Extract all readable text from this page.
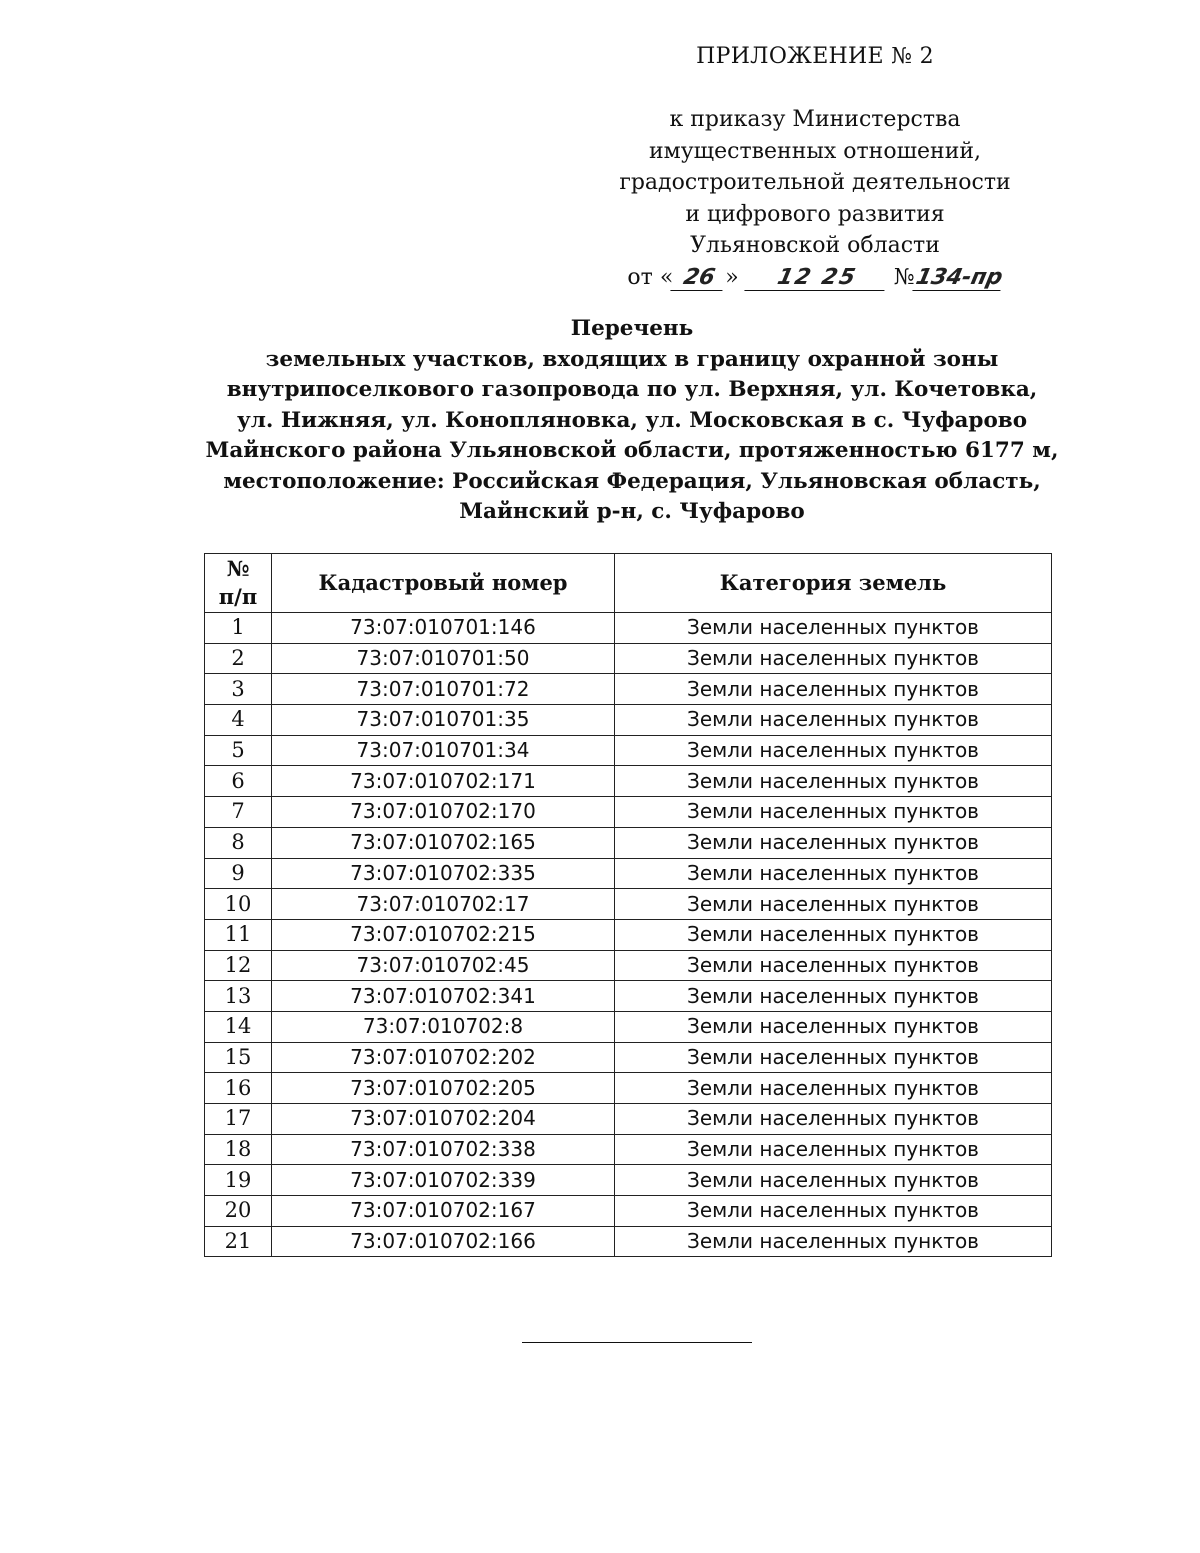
ПРИЛОЖЕНИЕ № 2
к приказу Министерства
имущественных отношений,
градостроительной деятельности
и цифрового развития
Ульяновской области
от « 26 » 12 25 №134-пр
Перечень
земельных участков, входящих в границу охранной зоны
внутрипоселкового газопровода по ул. Верхняя, ул. Кочетовка,
ул. Нижняя, ул. Конопляновка, ул. Московская в с. Чуфарово
Майнского района Ульяновской области, протяженностью 6177 м,
местоположение: Российская Федерация, Ульяновская область,
Майнский р-н, с. Чуфарово
№
п/п	Кадастровый номер	Категория земель
1	73:07:010701:146	Земли населенных пунктов
2	73:07:010701:50	Земли населенных пунктов
3	73:07:010701:72	Земли населенных пунктов
4	73:07:010701:35	Земли населенных пунктов
5	73:07:010701:34	Земли населенных пунктов
6	73:07:010702:171	Земли населенных пунктов
7	73:07:010702:170	Земли населенных пунктов
8	73:07:010702:165	Земли населенных пунктов
9	73:07:010702:335	Земли населенных пунктов
10	73:07:010702:17	Земли населенных пунктов
11	73:07:010702:215	Земли населенных пунктов
12	73:07:010702:45	Земли населенных пунктов
13	73:07:010702:341	Земли населенных пунктов
14	73:07:010702:8	Земли населенных пунктов
15	73:07:010702:202	Земли населенных пунктов
16	73:07:010702:205	Земли населенных пунктов
17	73:07:010702:204	Земли населенных пунктов
18	73:07:010702:338	Земли населенных пунктов
19	73:07:010702:339	Земли населенных пунктов
20	73:07:010702:167	Земли населенных пунктов
21	73:07:010702:166	Земли населенных пунктов
